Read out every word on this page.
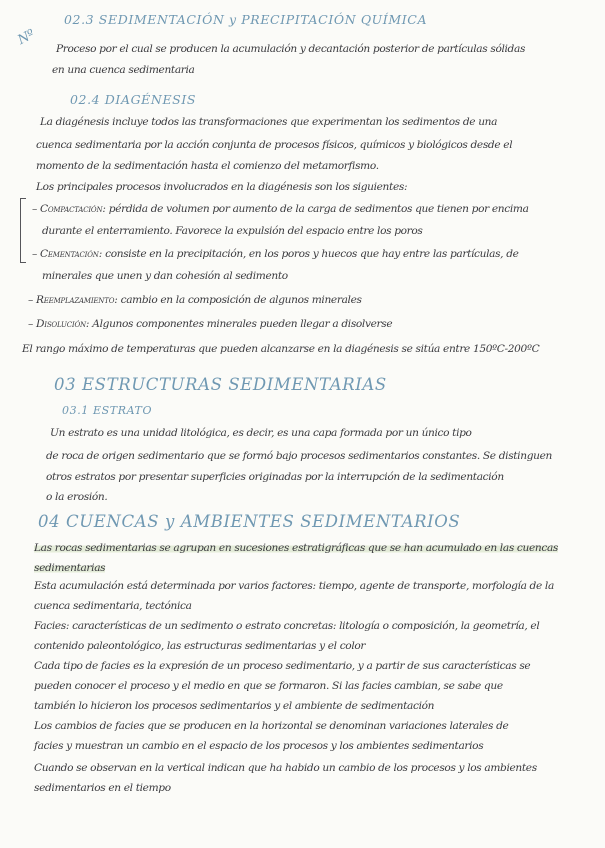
Nº
02.3 SEDIMENTACIÓN y PRECIPITACIÓN QUÍMICA
Proceso por el cual se producen la acumulación y decantación posterior de partículas sólidas
en una cuenca sedimentaria
02.4 DIAGÉNESIS
La diagénesis incluye todos las transformaciones que experimentan los sedimentos de una
cuenca sedimentaria por la acción conjunta de procesos físicos, químicos y biológicos desde el
momento de la sedimentación hasta el comienzo del metamorfismo.
Los principales procesos involucrados en la diagénesis son los siguientes:
– Compactación: pérdida de volumen por aumento de la carga de sedimentos que tienen por encima
durante el enterramiento. Favorece la expulsión del espacio entre los poros
– Cementación: consiste en la precipitación, en los poros y huecos que hay entre las partículas, de
minerales que unen y dan cohesión al sedimento
– Reemplazamiento: cambio en la composición de algunos minerales
– Disolución: Algunos componentes minerales pueden llegar a disolverse
El rango máximo de temperaturas que pueden alcanzarse en la diagénesis se sitúa entre 150ºC-200ºC
03 ESTRUCTURAS SEDIMENTARIAS
03.1 ESTRATO
Un estrato es una unidad litológica, es decir, es una capa formada por un único tipo
de roca de origen sedimentario que se formó bajo procesos sedimentarios constantes. Se distinguen
otros estratos por presentar superficies originadas por la interrupción de la sedimentación
o la erosión.
04 CUENCAS y AMBIENTES SEDIMENTARIOS
Las rocas sedimentarias se agrupan en sucesiones estratigráficas que se han acumulado en las cuencas
sedimentarias
Esta acumulación está determinada por varios factores: tiempo, agente de transporte, morfología de la
cuenca sedimentaria, tectónica
Facies: características de un sedimento o estrato concretas: litología o composición, la geometría, el
contenido paleontológico, las estructuras sedimentarias y el color
Cada tipo de facies es la expresión de un proceso sedimentario, y a partir de sus características se
pueden conocer el proceso y el medio en que se formaron. Si las facies cambian, se sabe que
también lo hicieron los procesos sedimentarios y el ambiente de sedimentación
Los cambios de facies que se producen en la horizontal se denominan variaciones laterales de
facies y muestran un cambio en el espacio de los procesos y los ambientes sedimentarios
Cuando se observan en la vertical indican que ha habido un cambio de los procesos y los ambientes
sedimentarios en el tiempo
